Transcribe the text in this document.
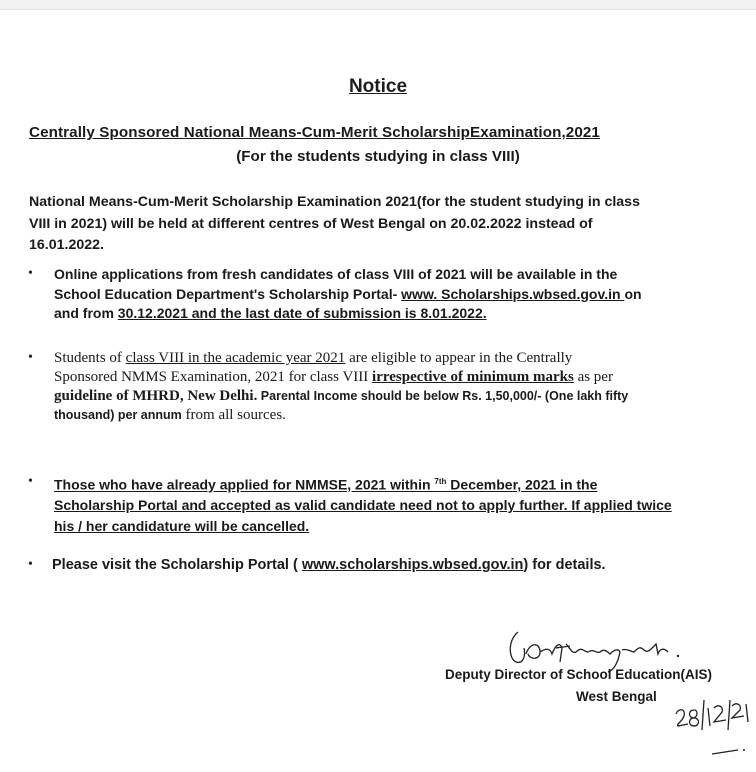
Notice
Centrally Sponsored National Means-Cum-Merit ScholarshipExamination,2021
(For the students studying in class VIII)
National Means-Cum-Merit Scholarship Examination 2021(for the student studying in class
VIII in 2021) will be held at different centres of West Bengal on 20.02.2022 instead of
16.01.2022.
• Online applications from fresh candidates of class VIII of 2021 will be available in the
School Education Department's Scholarship Portal- www. Scholarships.wbsed.gov.in on
and from 30.12.2021 and the last date of submission is 8.01.2022.
• Students of class VIII in the academic year 2021 are eligible to appear in the Centrally
Sponsored NMMS Examination, 2021 for class VIII irrespective of minimum marks as per
guideline of MHRD, New Delhi. Parental Income should be below Rs. 1,50,000/- (One lakh fifty
thousand) per annum from all sources.
• Those who have already applied for NMMSE, 2021 within $^{7th}$ December, 2021 in the
Scholarship Portal and accepted as valid candidate need not to apply further. If applied twice
his / her candidature will be cancelled.
• Please visit the Scholarship Portal ( www.scholarships.wbsed.gov.in) for details.
Deputy Director of School Education(AIS)
West Bengal
